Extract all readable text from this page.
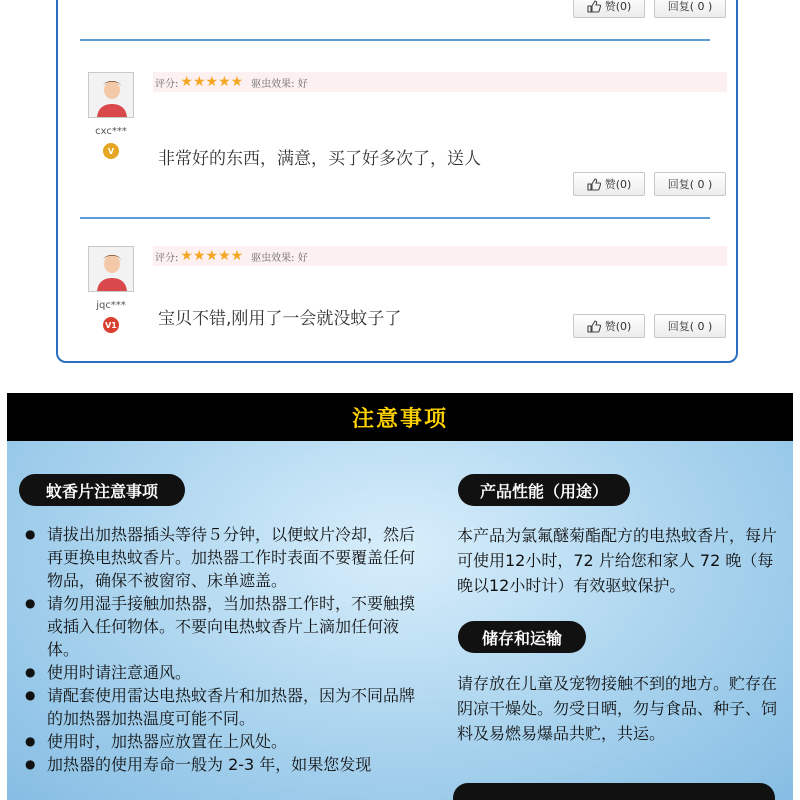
赞(0)	回复( 0 )
cxc***
V
评分: ★ ★ ★ ★ ★ 驱虫效果: 好
非常好的东西，满意，买了好多次了，送人
赞(0)	回复( 0 )
jqc***
V1
评分: ★ ★ ★ ★ ★ 驱虫效果: 好
宝贝不错,刚用了一会就没蚊子了	赞(0)	回复( 0 )
注意事项
蚊香片注意事项
● 请拔出加热器插头等待５分钟，以便蚊片冷却，然后再更换电热蚊香片。加热器工作时表面不要覆盖任何物品，确保不被窗帘、床单遮盖。
● 请勿用湿手接触加热器，当加热器工作时，不要触摸或插入任何物体。不要向电热蚊香片上滴加任何液体。
● 使用时请注意通风。
● 请配套使用雷达电热蚊香片和加热器，因为不同品牌的加热器加热温度可能不同。
● 使用时，加热器应放置在上风处。
● 加热器的使用寿命一般为 2-3 年，如果您发现
产品性能（用途）
本产品为氯氟醚菊酯配方的电热蚊香片，每片可使用12小时，72 片给您和家人 72 晚（每晚以12小时计）有效驱蚊保护。
储存和运输
请存放在儿童及宠物接触不到的地方。贮存在阴凉干燥处。勿受日晒，勿与食品、种子、饲料及易燃易爆品共贮，共运。
